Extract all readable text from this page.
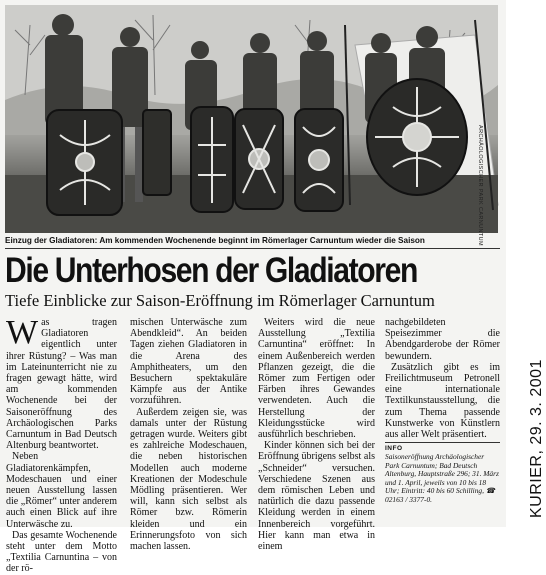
ARCHÄOLOGISCHER PARK CARNUNTUM
Einzug der Gladiatoren: Am kommenden Wochenende beginnt im Römerlager Carnuntum wieder die Saison
Die Unterhosen der Gladiatoren
Tiefe Einblicke zur Saison-Eröffnung im Römerlager Carnuntum
W as tragen Gladiatoren eigentlich unter ihrer Rüstung? – Was man im Lateinunterricht nie zu fragen gewagt hätte, wird am kommenden Wochenende bei der Saisoneröffnung des Archäologischen Parks Carnuntum in Bad Deutsch Altenburg beantwortet.

Neben Gladiatorenkämpfen, Modeschauen und einer neuen Ausstellung lassen die „Römer“ unter anderem auch einen Blick auf ihre Unterwäsche zu.

Das gesamte Wochenende steht unter dem Motto „Textilia Carnuntina – von der rö-

mischen Unterwäsche zum Abendkleid“. An beiden Tagen ziehen Gladiatoren in die Arena des Amphitheaters, um den Besuchern spektakuläre Kämpfe aus der Antike vorzuführen.

Außerdem zeigen sie, was damals unter der Rüstung getragen wurde. Weiters gibt es zahlreiche Modeschauen, die neben historischen Modellen auch moderne Kreationen der Modeschule Mödling präsentieren. Wer will, kann sich selbst als Römer bzw. Römerin kleiden und ein Erinnerungsfoto von sich machen lassen.

Weiters wird die neue Ausstellung „Textilia Carnuntina“ eröffnet: In einem Außenbereich werden Pflanzen gezeigt, die die Römer zum Fertigen oder Färben ihres Gewandes verwendeten. Auch die Herstellung der Kleidungsstücke wird ausführlich beschrieben.

Kinder können sich bei der Eröffnung übrigens selbst als „Schneider“ versuchen. Verschiedene Szenen aus dem römischen Leben und natürlich die dazu passende Kleidung werden in einem Innenbereich vorgeführt. Hier kann man etwa in einem

nachgebildeten Speisezimmer die Abendgarderobe der Römer bewundern.

Zusätzlich gibt es im Freilichtmuseum Petronell eine internationale Textilkunstausstellung, die zum Thema passende Kunstwerke von Künstlern aus aller Welt präsentiert.

INFO
Saisoneröffnung Archäologischer Park Carnuntum; Bad Deutsch Altenburg, Hauptstraße 296; 31. März und 1. April, jeweils von 10 bis 18 Uhr; Eintritt: 40 bis 60 Schilling, ☎ 02163 / 3377-0.	KURIER, 29. 3. 2001
